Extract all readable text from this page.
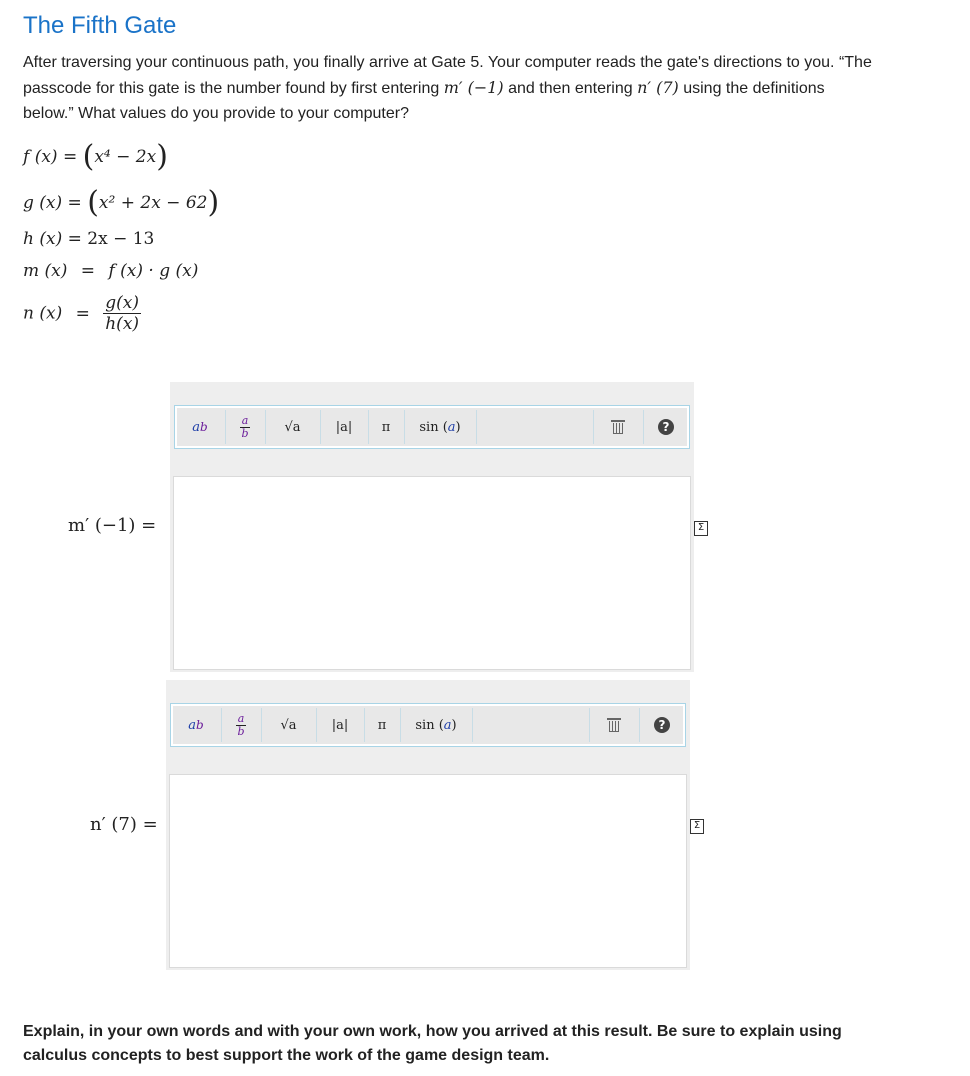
The Fifth Gate
After traversing your continuous path, you finally arrive at Gate 5. Your computer reads the gate's directions to you. “The passcode for this gate is the number found by first entering m′ (−1) and then entering n′ (7) using the definitions below.” What values do you provide to your computer?
f (x) = (x⁴ − 2x)
g (x) = (x² + 2x − 62)
h (x) = 2x − 13
m (x) = f (x) · g (x)
n $(x) = \frac{g(x)}{h(x)}$
a b	$\frac{a}{b}$	√a	|a|	π	sin ( a )	?
m′ (−1) =	Σ
a b	$\frac{a}{b}$	√a	|a|	π	sin ( a )	?
n′ (7) =	Σ
Explain, in your own words and with your own work, how you arrived at this result. Be sure to explain using calculus concepts to best support the work of the game design team.
